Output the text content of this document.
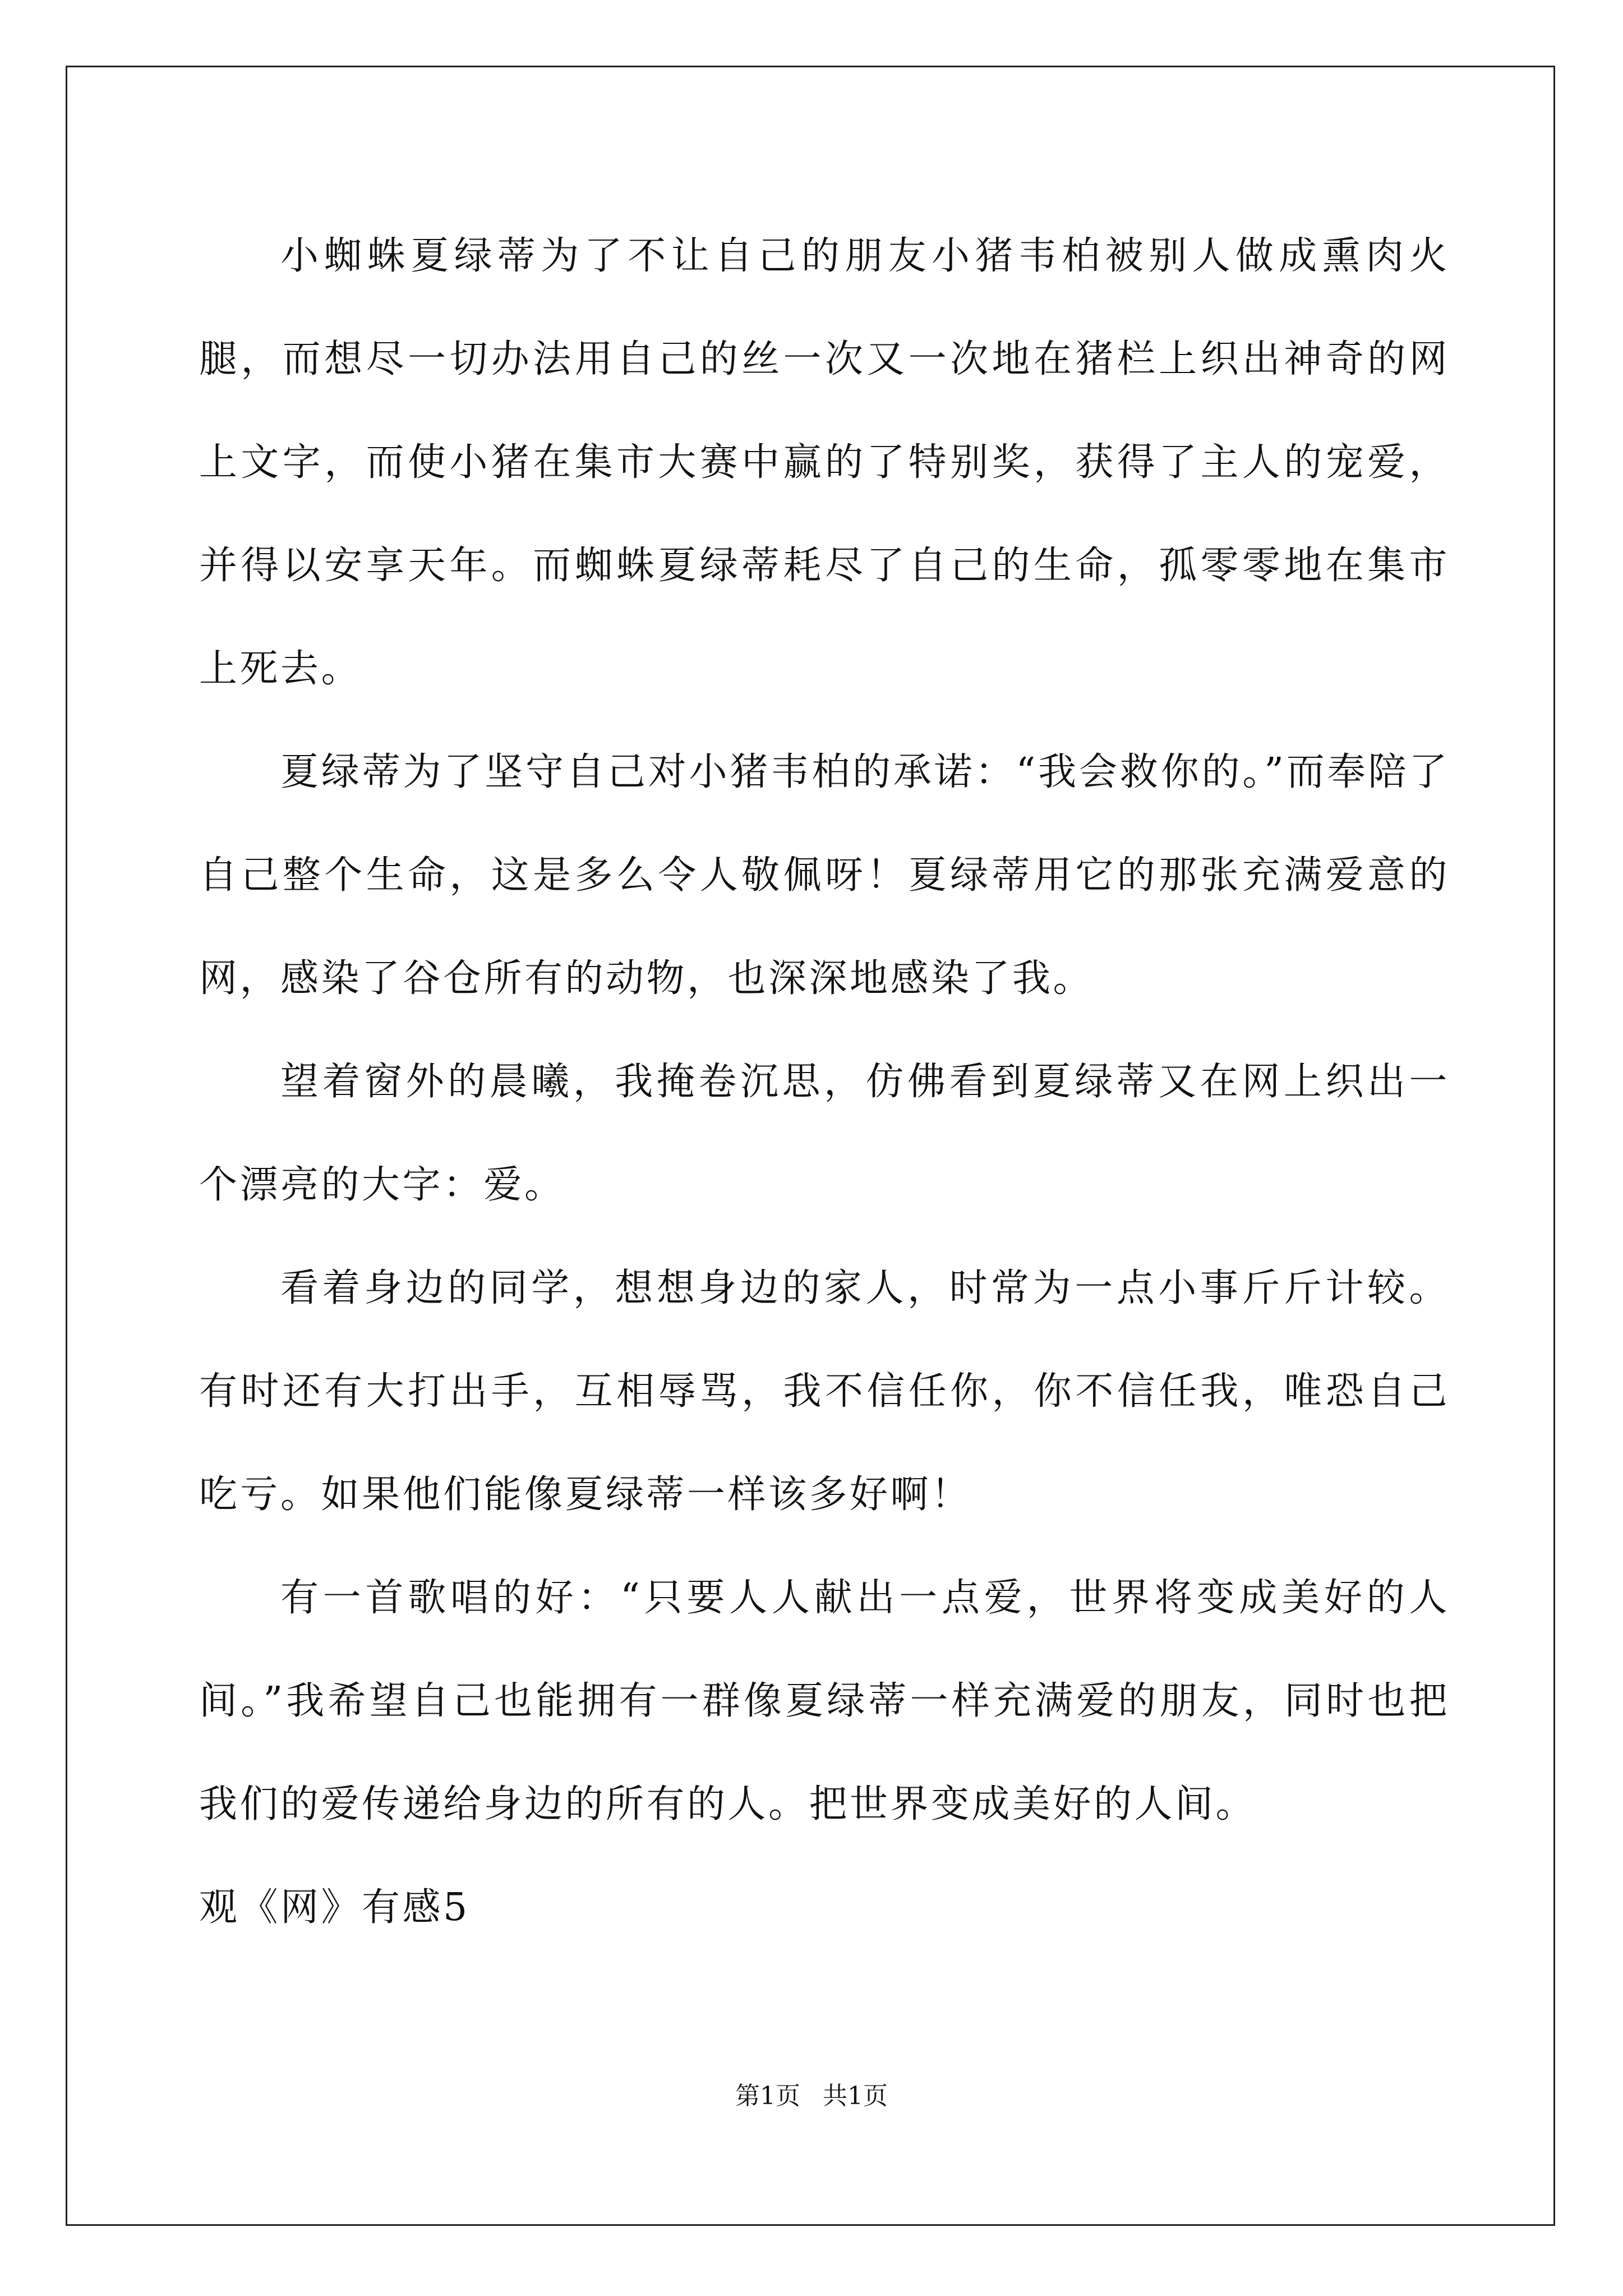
小蜘蛛夏绿蒂为了不让自己的朋友小猪韦柏被别人做成熏肉火腿，而想尽一切办法用自己的丝一次又一次地在猪栏上织出神奇的网上文字，而使小猪在集市大赛中赢的了特别奖，获得了主人的宠爱，并得以安享天年。而蜘蛛夏绿蒂耗尽了自己的生命，孤零零地在集市上死去。

夏绿蒂为了坚守自己对小猪韦柏的承诺：“我会救你的。”而奉陪了自己整个生命，这是多么令人敬佩呀！夏绿蒂用它的那张充满爱意的网，感染了谷仓所有的动物，也深深地感染了我。

望着窗外的晨曦，我掩卷沉思，仿佛看到夏绿蒂又在网上织出一个漂亮的大字：爱。

看着身边的同学，想想身边的家人，时常为一点小事斤斤计较。有时还有大打出手，互相辱骂，我不信任你，你不信任我，唯恐自己吃亏。如果他们能像夏绿蒂一样该多好啊！

有一首歌唱的好：“只要人人献出一点爱，世界将变成美好的人间。”我希望自己也能拥有一群像夏绿蒂一样充满爱的朋友，同时也把我们的爱传递给身边的所有的人。把世界变成美好的人间。

观《网》有感5

第1页 共1页
